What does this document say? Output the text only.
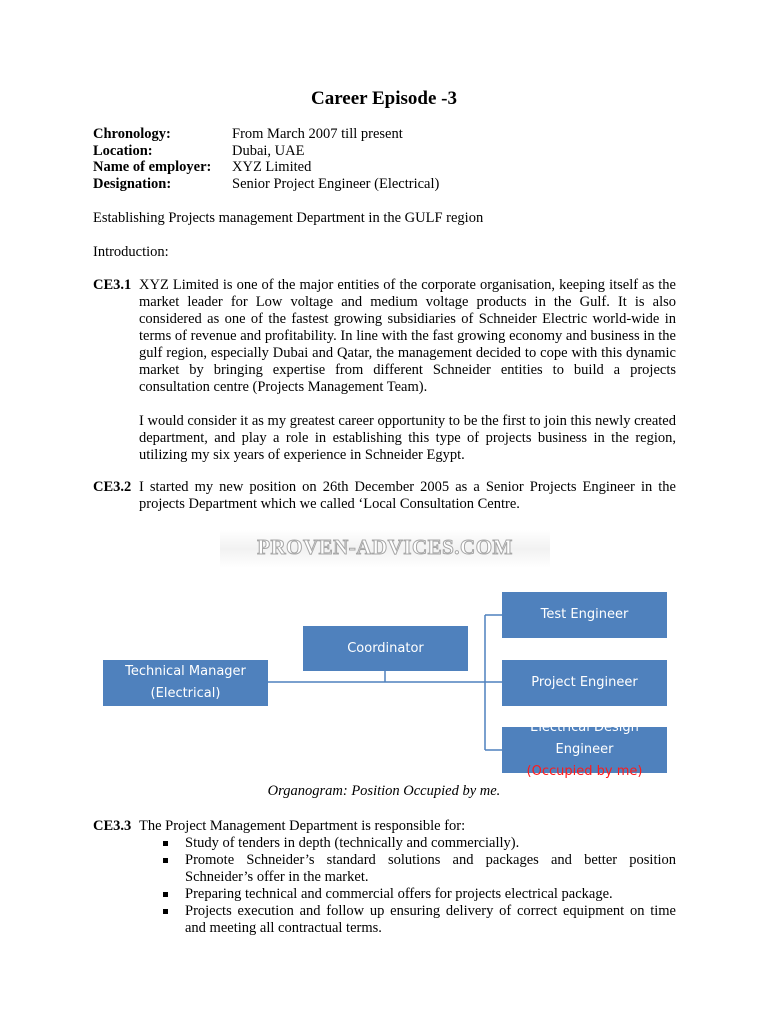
Career Episode -3
Chronology:	From March 2007 till present
Location:	Dubai, UAE
Name of employer:	XYZ Limited
Designation:	Senior Project Engineer (Electrical)
Establishing Projects management Department in the GULF region
Introduction:
CE3.1 XYZ Limited is one of the major entities of the corporate organisation, keeping itself as the market leader for Low voltage and medium voltage products in the Gulf. It is also considered as one of the fastest growing subsidiaries of Schneider Electric world-wide in terms of revenue and profitability. In line with the fast growing economy and business in the gulf region, especially Dubai and Qatar, the management decided to cope with this dynamic market by bringing expertise from different Schneider entities to build a projects consultation centre (Projects Management Team).

I would consider it as my greatest career opportunity to be the first to join this newly created department, and play a role in establishing this type of projects business in the region, utilizing my six years of experience in Schneider Egypt.

CE3.2 I started my new position on 26th December 2005 as a Senior Projects Engineer in the projects Department which we called ‘Local Consultation Centre.

PROVEN-ADVICES.COM
Technical Manager
(Electrical)
Coordinator
Test Engineer
Project Engineer
Electrical Design Engineer
(Occupied by me)
Organogram: Position Occupied by me.
CE3.3 The Project Management Department is responsible for:

Study of tenders in depth (technically and commercially).
Promote Schneider’s standard solutions and packages and better position Schneider’s offer in the market.
Preparing technical and commercial offers for projects electrical package.
Projects execution and follow up ensuring delivery of correct equipment on time and meeting all contractual terms.
